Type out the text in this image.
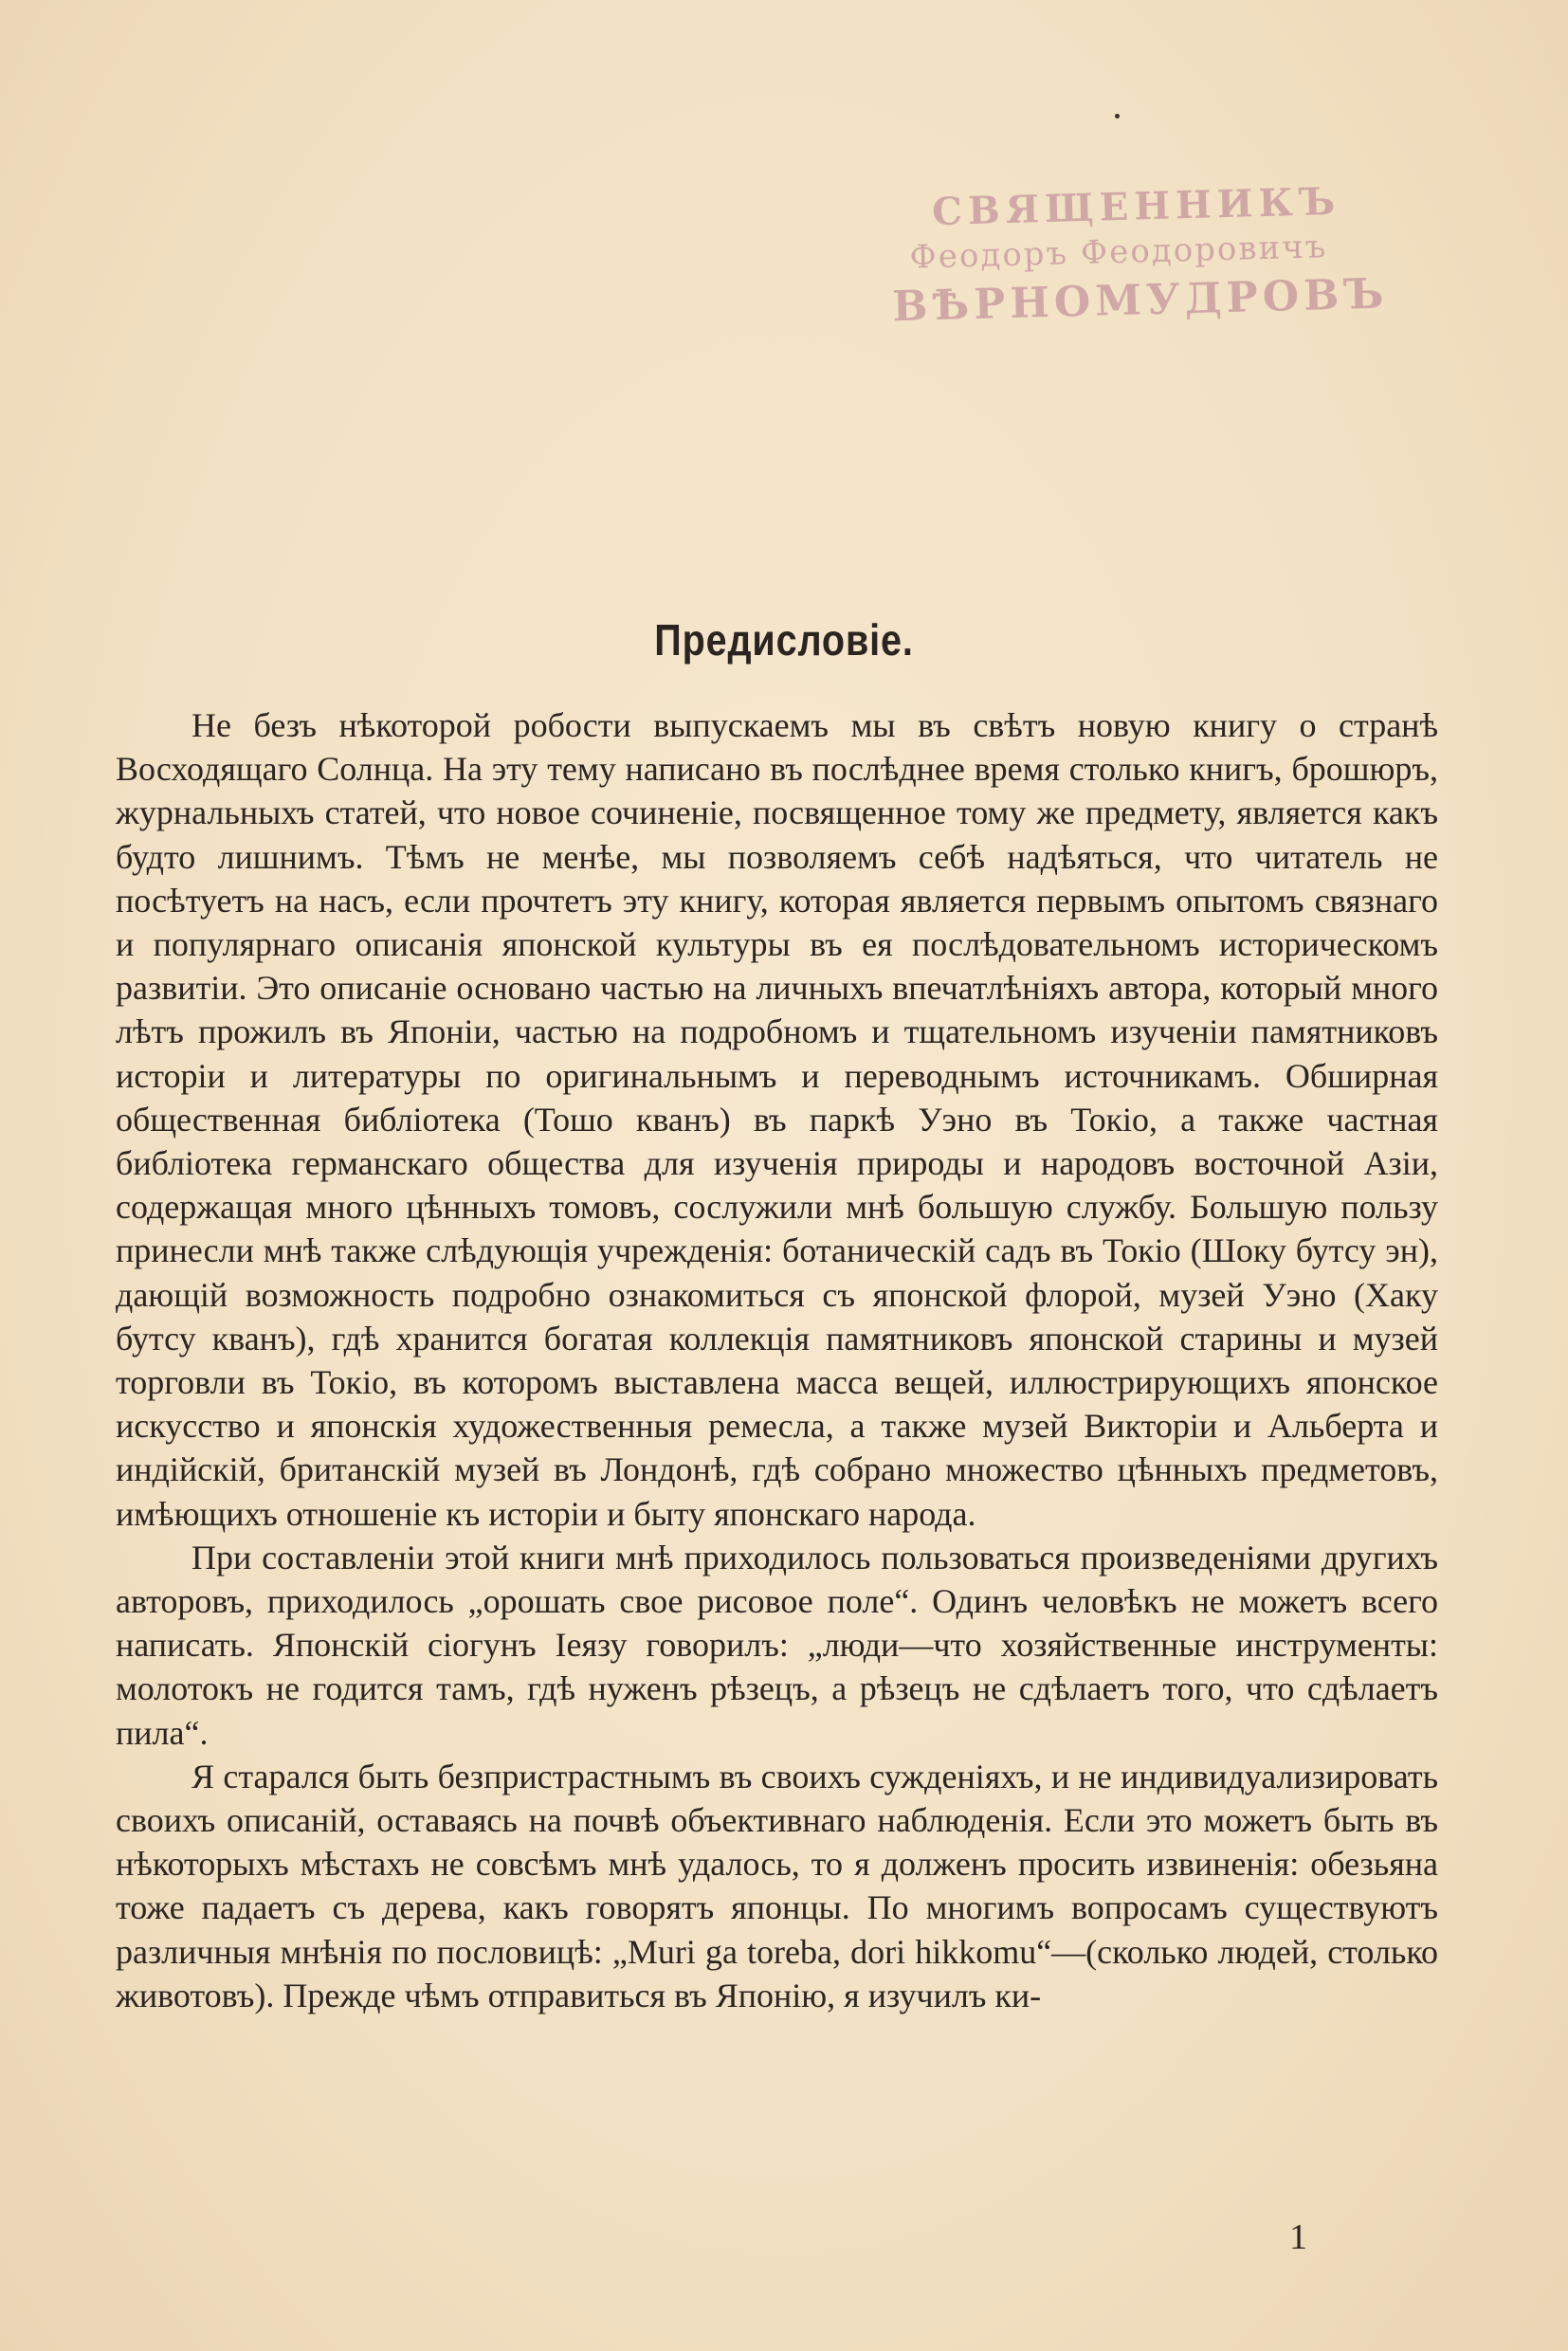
СВЯЩЕННИКЪ
Феодоръ Феодоровичъ
ВѢРНОМУДРОВЪ
Предисловіе.

Не безъ нѣкоторой робости выпускаемъ мы въ свѣтъ новую книгу о странѣ Восходящаго Солнца. На эту тему написано въ послѣднее время столько книгъ, брошюръ, журнальныхъ статей, что новое сочиненіе, посвященное тому же предмету, является какъ будто лишнимъ. Тѣмъ не менѣе, мы позволяемъ себѣ надѣяться, что читатель не посѣтуетъ на насъ, если прочтетъ эту книгу, которая является первымъ опытомъ связнаго и популярнаго описанія японской культуры въ ея послѣдовательномъ историческомъ развитіи. Это описаніе основано частью на личныхъ впечатлѣніяхъ автора, который много лѣтъ прожилъ въ Японіи, частью на подробномъ и тщательномъ изученіи памятниковъ исторіи и литературы по оригинальнымъ и переводнымъ источникамъ. Обширная общественная библіотека (Тошо кванъ) въ паркѣ Уэно въ Токіо, а также частная библіотека германскаго общества для изученія природы и народовъ восточной Азіи, содержащая много цѣнныхъ томовъ, сослужили мнѣ большую службу. Большую пользу принесли мнѣ также слѣдующія учрежденія: ботаническій садъ въ Токіо (Шоку бутсу эн), дающій возможность подробно ознакомиться съ японской флорой, музей Уэно (Хаку бутсу кванъ), гдѣ хранится богатая коллекція памятниковъ японской старины и музей торговли въ Токіо, въ которомъ выставлена масса вещей, иллюстрирующихъ японское искусство и японскія художественныя ремесла, а также музей Викторіи и Альберта и индійскій, британскій музей въ Лондонѣ, гдѣ собрано множество цѣнныхъ предметовъ, имѣющихъ отношеніе къ исторіи и быту японскаго народа.

При составленіи этой книги мнѣ приходилось пользоваться произведеніями другихъ авторовъ, приходилось „орошать свое рисовое поле“. Одинъ человѣкъ не можетъ всего написать. Японскій сіогунъ Іеязу говорилъ: „люди—что хозяйственные инструменты: молотокъ не годится тамъ, гдѣ нуженъ рѣзецъ, а рѣзецъ не сдѣлаетъ того, что сдѣлаетъ пила“.

Я старался быть безпристрастнымъ въ своихъ сужденіяхъ, и не индивидуализировать своихъ описаній, оставаясь на почвѣ объективнаго наблюденія. Если это можетъ быть въ нѣкоторыхъ мѣстахъ не совсѣмъ мнѣ удалось, то я долженъ просить извиненія: обезьяна тоже падаетъ съ дерева, какъ говорятъ японцы. По многимъ вопросамъ существуютъ различныя мнѣнія по пословицѣ: „Muri ga toreba, dori hikkomu“—(сколько людей, столько животовъ). Прежде чѣмъ отправиться въ Японію, я изучилъ ки-

1
